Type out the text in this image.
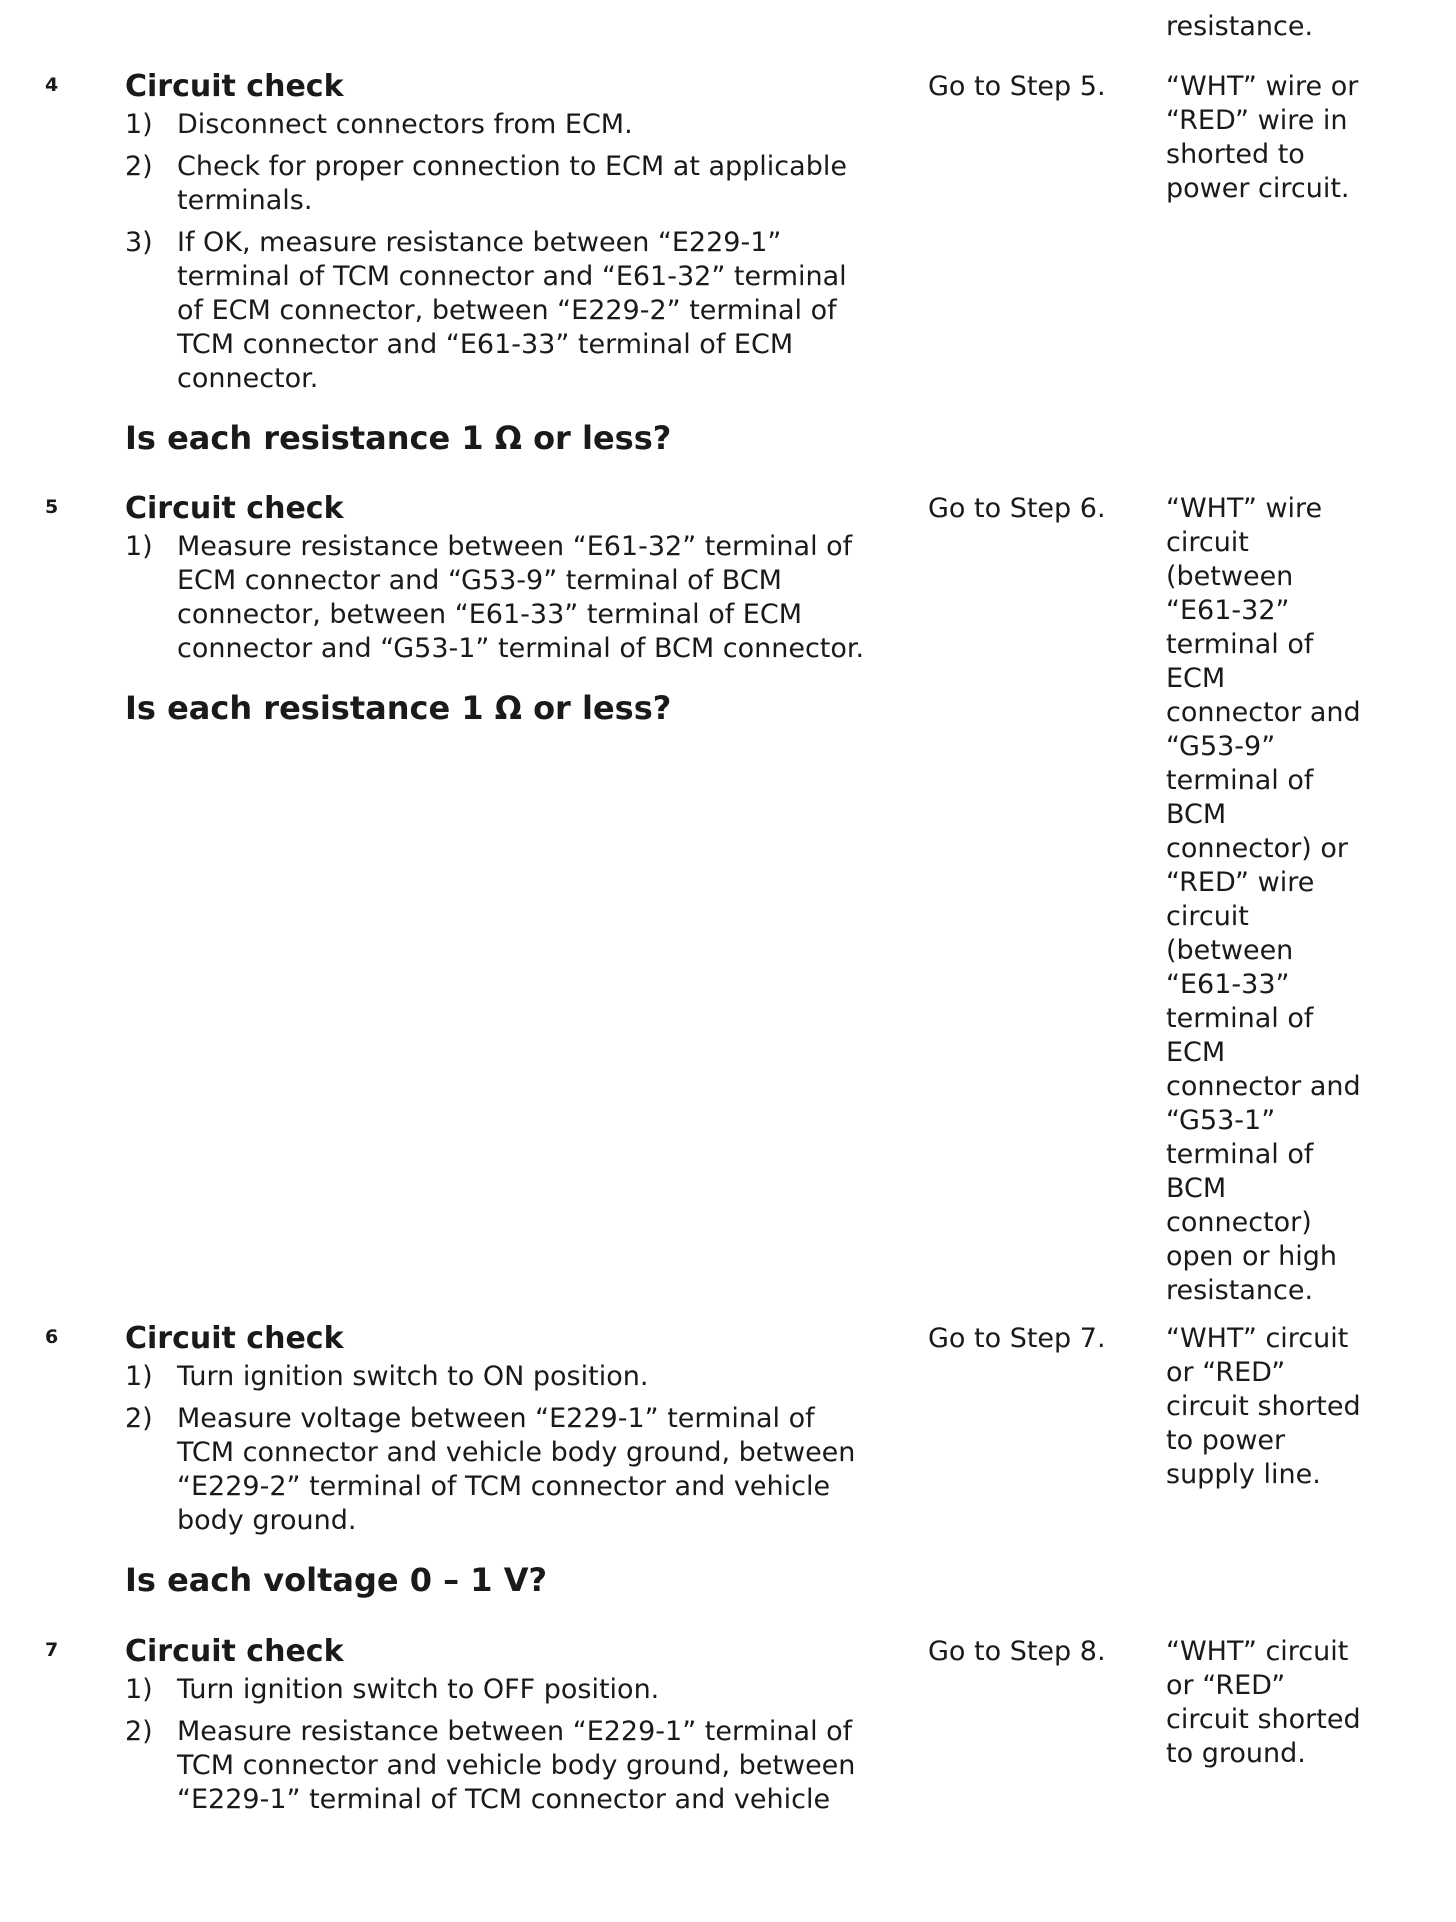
resistance.
4 Circuit check
1) Disconnect connectors from ECM.
2) Check for proper connection to ECM at applicable terminals.
3) If OK, measure resistance between “E229-1” terminal of TCM connector and “E61-32” terminal of ECM connector, between “E229-2” terminal of TCM connector and “E61-33” terminal of ECM connector.
Is each resistance 1 Ω or less?
Go to Step 5.	“WHT” wire or “RED” wire in shorted to power circuit.
5 Circuit check
1) Measure resistance between “E61-32” terminal of ECM connector and “G53-9” terminal of BCM connector, between “E61-33” terminal of ECM connector and “G53-1” terminal of BCM connector.
Is each resistance 1 Ω or less?
Go to Step 6.	“WHT” wire circuit (between “E61-32” terminal of ECM connector and “G53-9” terminal of BCM connector) or “RED” wire circuit (between “E61-33” terminal of ECM connector and “G53-1” terminal of BCM connector) open or high resistance.
6 Circuit check
1) Turn ignition switch to ON position.
2) Measure voltage between “E229-1” terminal of TCM connector and vehicle body ground, between “E229-2” terminal of TCM connector and vehicle body ground.
Is each voltage 0 – 1 V?
Go to Step 7.	“WHT” circuit or “RED” circuit shorted to power supply line.
7 Circuit check
1) Turn ignition switch to OFF position.
2) Measure resistance between “E229-1” terminal of TCM connector and vehicle body ground, between “E229-1” terminal of TCM connector and vehicle
Go to Step 8.	“WHT” circuit or “RED” circuit shorted to ground.
